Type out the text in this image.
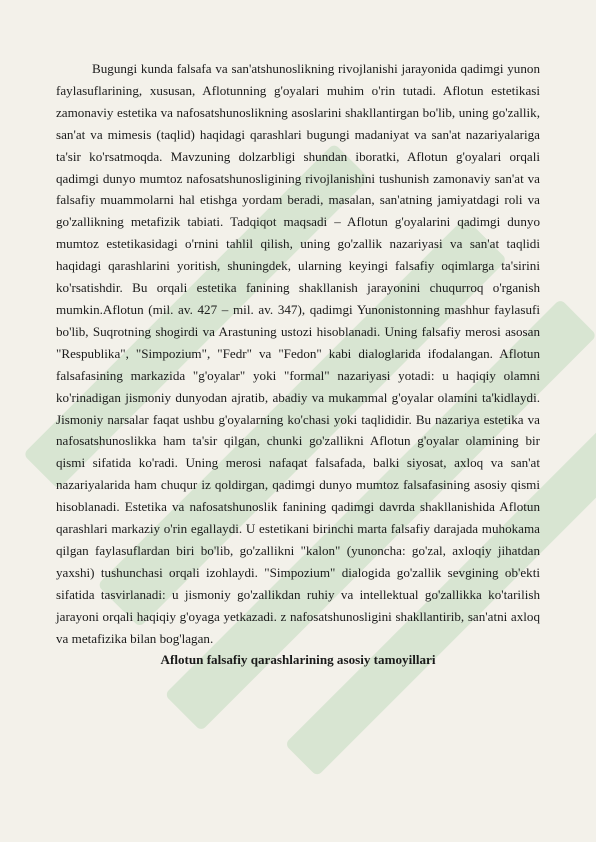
Bugungi kunda falsafa va san'atshunoslikning rivojlanishi jarayonida qadimgi yunon faylasuflarining, xususan, Aflotunning g'oyalari muhim o'rin tutadi. Aflotun estetikasi zamonaviy estetika va nafosatshunoslikning asoslarini shakllantirgan bo'lib, uning go'zallik, san'at va mimesis (taqlid) haqidagi qarashlari bugungi madaniyat va san'at nazariyalariga ta'sir ko'rsatmoqda. Mavzuning dolzarbligi shundan iboratki, Aflotun g'oyalari orqali qadimgi dunyo mumtoz nafosatshunosligining rivojlanishini tushunish zamonaviy san'at va falsafiy muammolarni hal etishga yordam beradi, masalan, san'atning jamiyatdagi roli va go'zallikning metafizik tabiati. Tadqiqot maqsadi – Aflotun g'oyalarini qadimgi dunyo mumtoz estetikasidagi o'rnini tahlil qilish, uning go'zallik nazariyasi va san'at taqlidi haqidagi qarashlarini yoritish, shuningdek, ularning keyingi falsafiy oqimlarga ta'sirini ko'rsatishdir. Bu orqali estetika fanining shakllanish jarayonini chuqurroq o'rganish mumkin.Aflotun (mil. av. 427 – mil. av. 347), qadimgi Yunonistonning mashhur faylasufi bo'lib, Suqrotning shogirdi va Arastuning ustozi hisoblanadi. Uning falsafiy merosi asosan "Respublika", "Simpozium", "Fedr" va "Fedon" kabi dialoglarida ifodalangan. Aflotun falsafasining markazida "g'oyalar" yoki "formal" nazariyasi yotadi: u haqiqiy olamni ko'rinadigan jismoniy dunyodan ajratib, abadiy va mukammal g'oyalar olamini ta'kidlaydi. Jismoniy narsalar faqat ushbu g'oyalarning ko'chasi yoki taqlididir. Bu nazariya estetika va nafosatshunoslikka ham ta'sir qilgan, chunki go'zallikni Aflotun g'oyalar olamining bir qismi sifatida ko'radi. Uning merosi nafaqat falsafada, balki siyosat, axloq va san'at nazariyalarida ham chuqur iz qoldirgan, qadimgi dunyo mumtoz falsafasining asosiy qismi hisoblanadi. Estetika va nafosatshunoslik fanining qadimgi davrda shakllanishida Aflotun qarashlari markaziy o'rin egallaydi. U estetikani birinchi marta falsafiy darajada muhokama qilgan faylasuflardan biri bo'lib, go'zallikni "kalon" (yunoncha: go'zal, axloqiy jihatdan yaxshi) tushunchasi orqali izohlaydi. "Simpozium" dialogida go'zallik sevgining ob'ekti sifatida tasvirlanadi: u jismoniy go'zallikdan ruhiy va intellektual go'zallikka ko'tarilish jarayoni orqali haqiqiy g'oyaga yetkazadi. z nafosatshunosligini shakllantirib, san'atni axloq va metafizika bilan bog'lagan.

Aflotun falsafiy qarashlarining asosiy tamoyillari
